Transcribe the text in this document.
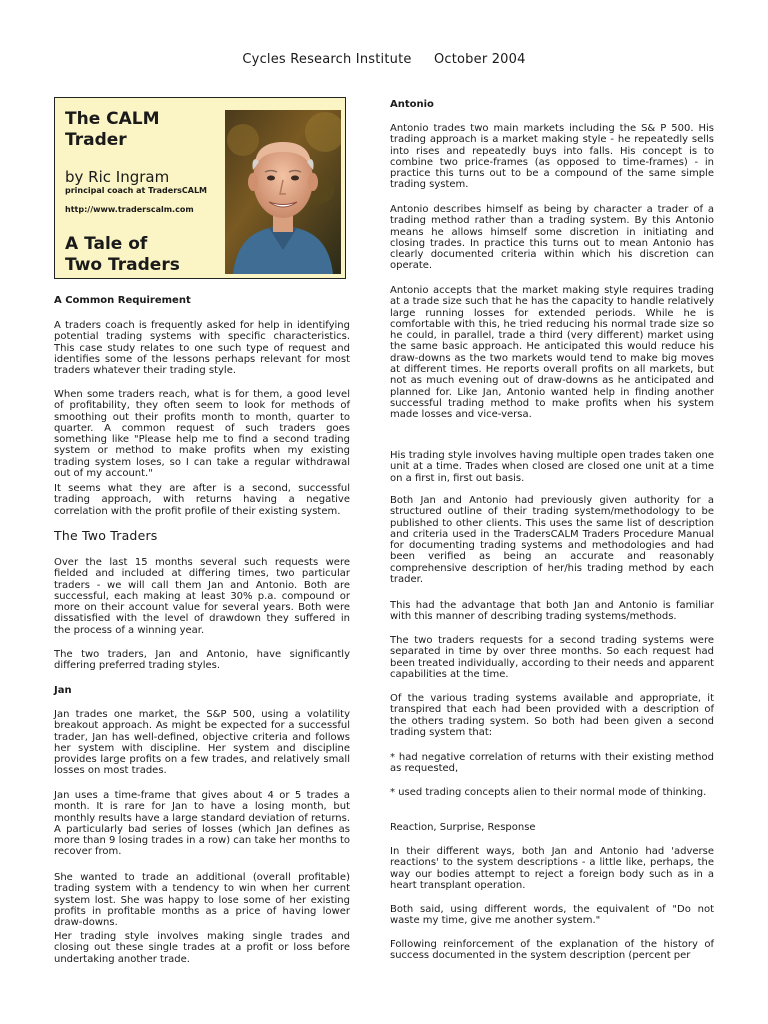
Cycles Research Institute October 2004
The CALM
Trader
by Ric Ingram
principal coach at TradersCALM
http://www.traderscalm.com
A Tale of
Two Traders

A Common Requirement

A traders coach is frequently asked for help in identifying potential trading systems with specific characteristics. This case study relates to one such type of request and identifies some of the lessons perhaps relevant for most traders whatever their trading style.

When some traders reach, what is for them, a good level of profitability, they often seem to look for methods of smoothing out their profits month to month, quarter to quarter. A common request of such traders goes something like "Please help me to find a second trading system or method to make profits when my existing trading system loses, so I can take a regular withdrawal out of my account."

It seems what they are after is a second, successful trading approach, with returns having a negative correlation with the profit profile of their existing system.

The Two Traders

Over the last 15 months several such requests were fielded and included at differing times, two particular traders - we will call them Jan and Antonio. Both are successful, each making at least 30% p.a. compound or more on their account value for several years. Both were dissatisfied with the level of drawdown they suffered in the process of a winning year.

The two traders, Jan and Antonio, have significantly differing preferred trading styles.

Jan

Jan trades one market, the S&P 500, using a volatility breakout approach. As might be expected for a successful trader, Jan has well-defined, objective criteria and follows her system with discipline. Her system and discipline provides large profits on a few trades, and relatively small losses on most trades.

Jan uses a time-frame that gives about 4 or 5 trades a month. It is rare for Jan to have a losing month, but monthly results have a large standard deviation of returns. A particularly bad series of losses (which Jan defines as more than 9 losing trades in a row) can take her months to recover from.

She wanted to trade an additional (overall profitable) trading system with a tendency to win when her current system lost. She was happy to lose some of her existing profits in profitable months as a price of having lower draw-downs.

Her trading style involves making single trades and closing out these single trades at a profit or loss before undertaking another trade.

Antonio

Antonio trades two main markets including the S& P 500. His trading approach is a market making style - he repeatedly sells into rises and repeatedly buys into falls. His concept is to combine two price-frames (as opposed to time-frames) - in practice this turns out to be a compound of the same simple trading system.

Antonio describes himself as being by character a trader of a trading method rather than a trading system. By this Antonio means he allows himself some discretion in initiating and closing trades. In practice this turns out to mean Antonio has clearly documented criteria within which his discretion can operate.

Antonio accepts that the market making style requires trading at a trade size such that he has the capacity to handle relatively large running losses for extended periods. While he is comfortable with this, he tried reducing his normal trade size so he could, in parallel, trade a third (very different) market using the same basic approach. He anticipated this would reduce his draw-downs as the two markets would tend to make big moves at different times. He reports overall profits on all markets, but not as much evening out of draw-downs as he anticipated and planned for. Like Jan, Antonio wanted help in finding another successful trading method to make profits when his system made losses and vice-versa.

His trading style involves having multiple open trades taken one unit at a time. Trades when closed are closed one unit at a time on a first in, first out basis.

Both Jan and Antonio had previously given authority for a structured outline of their trading system/methodology to be published to other clients. This uses the same list of description and criteria used in the TradersCALM Traders Procedure Manual for documenting trading systems and methodologies and had been verified as being an accurate and reasonably comprehensive description of her/his trading method by each trader.

This had the advantage that both Jan and Antonio is familiar with this manner of describing trading systems/methods.

The two traders requests for a second trading systems were separated in time by over three months. So each request had been treated individually, according to their needs and apparent capabilities at the time.

Of the various trading systems available and appropriate, it transpired that each had been provided with a description of the others trading system. So both had been given a second trading system that:

* had negative correlation of returns with their existing method as requested,

* used trading concepts alien to their normal mode of thinking.

Reaction, Surprise, Response

In their different ways, both Jan and Antonio had 'adverse reactions' to the system descriptions - a little like, perhaps, the way our bodies attempt to reject a foreign body such as in a heart transplant operation.

Both said, using different words, the equivalent of "Do not waste my time, give me another system."

Following reinforcement of the explanation of the history of success documented in the system description (percent per
